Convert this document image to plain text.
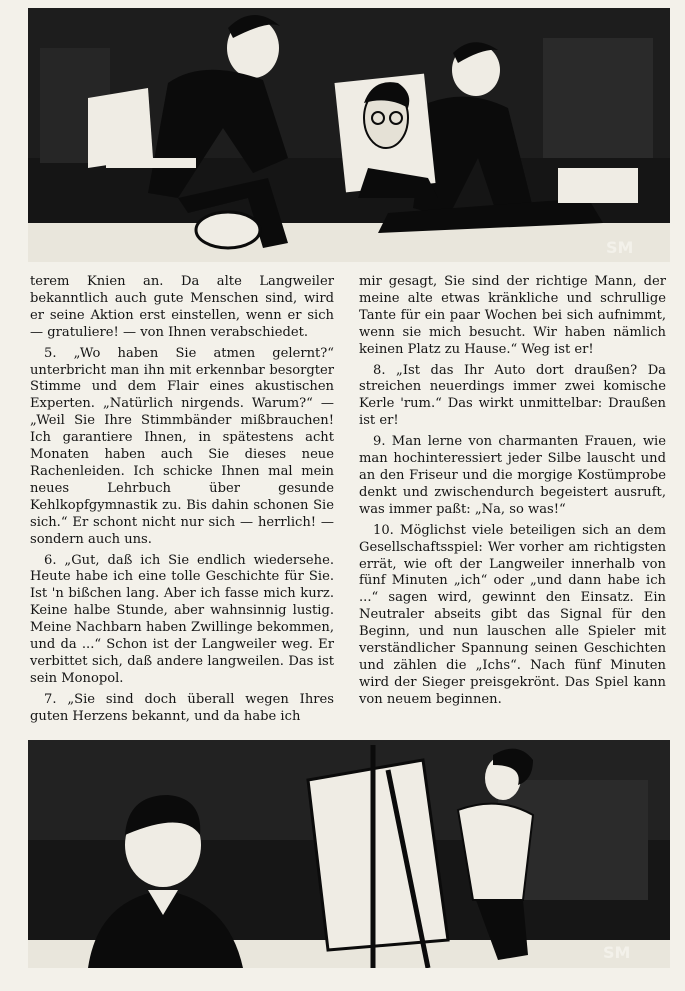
SM

terem Knien an. Da alte Langweiler bekanntlich auch gute Menschen sind, wird er seine Aktion erst einstellen, wenn er sich — gratuliere! — von Ihnen verabschiedet.

5. „Wo haben Sie atmen gelernt?“ unterbricht man ihn mit erkennbar besorgter Stimme und dem Flair eines akustischen Experten. „Natürlich nirgends. Warum?“ — „Weil Sie Ihre Stimmbänder mißbrauchen! Ich garantiere Ihnen, in spätestens acht Monaten haben auch Sie dieses neue Rachenleiden. Ich schicke Ihnen mal mein neues Lehrbuch über gesunde Kehlkopfgymnastik zu. Bis dahin schonen Sie sich.“ Er schont nicht nur sich — herrlich! — sondern auch uns.

6. „Gut, daß ich Sie endlich wiedersehe. Heute habe ich eine tolle Geschichte für Sie. Ist 'n bißchen lang. Aber ich fasse mich kurz. Keine halbe Stunde, aber wahnsinnig lustig. Meine Nachbarn haben Zwillinge bekommen, und da ...“ Schon ist der Langweiler weg. Er verbittet sich, daß andere langweilen. Das ist sein Monopol.

7. „Sie sind doch überall wegen Ihres guten Herzens bekannt, und da habe ich

mir gesagt, Sie sind der richtige Mann, der meine alte etwas kränkliche und schrullige Tante für ein paar Wochen bei sich aufnimmt, wenn sie mich besucht. Wir haben nämlich keinen Platz zu Hause.“ Weg ist er!

8. „Ist das Ihr Auto dort draußen? Da streichen neuerdings immer zwei komische Kerle 'rum.“ Das wirkt unmittelbar: Draußen ist er!

9. Man lerne von charmanten Frauen, wie man hochinteressiert jeder Silbe lauscht und an den Friseur und die morgige Kostümprobe denkt und zwischendurch begeistert ausruft, was immer paßt: „Na, so was!“

10. Möglichst viele beteiligen sich an dem Gesellschaftsspiel: Wer vorher am richtigsten errät, wie oft der Langweiler innerhalb von fünf Minuten „ich“ oder „und dann habe ich ...“ sagen wird, gewinnt den Einsatz. Ein Neutraler abseits gibt das Signal für den Beginn, und nun lauschen alle Spieler mit verständlicher Spannung seinen Geschichten und zählen die „Ichs“. Nach fünf Minuten wird der Sieger preisgekrönt. Das Spiel kann von neuem beginnen.

SM
